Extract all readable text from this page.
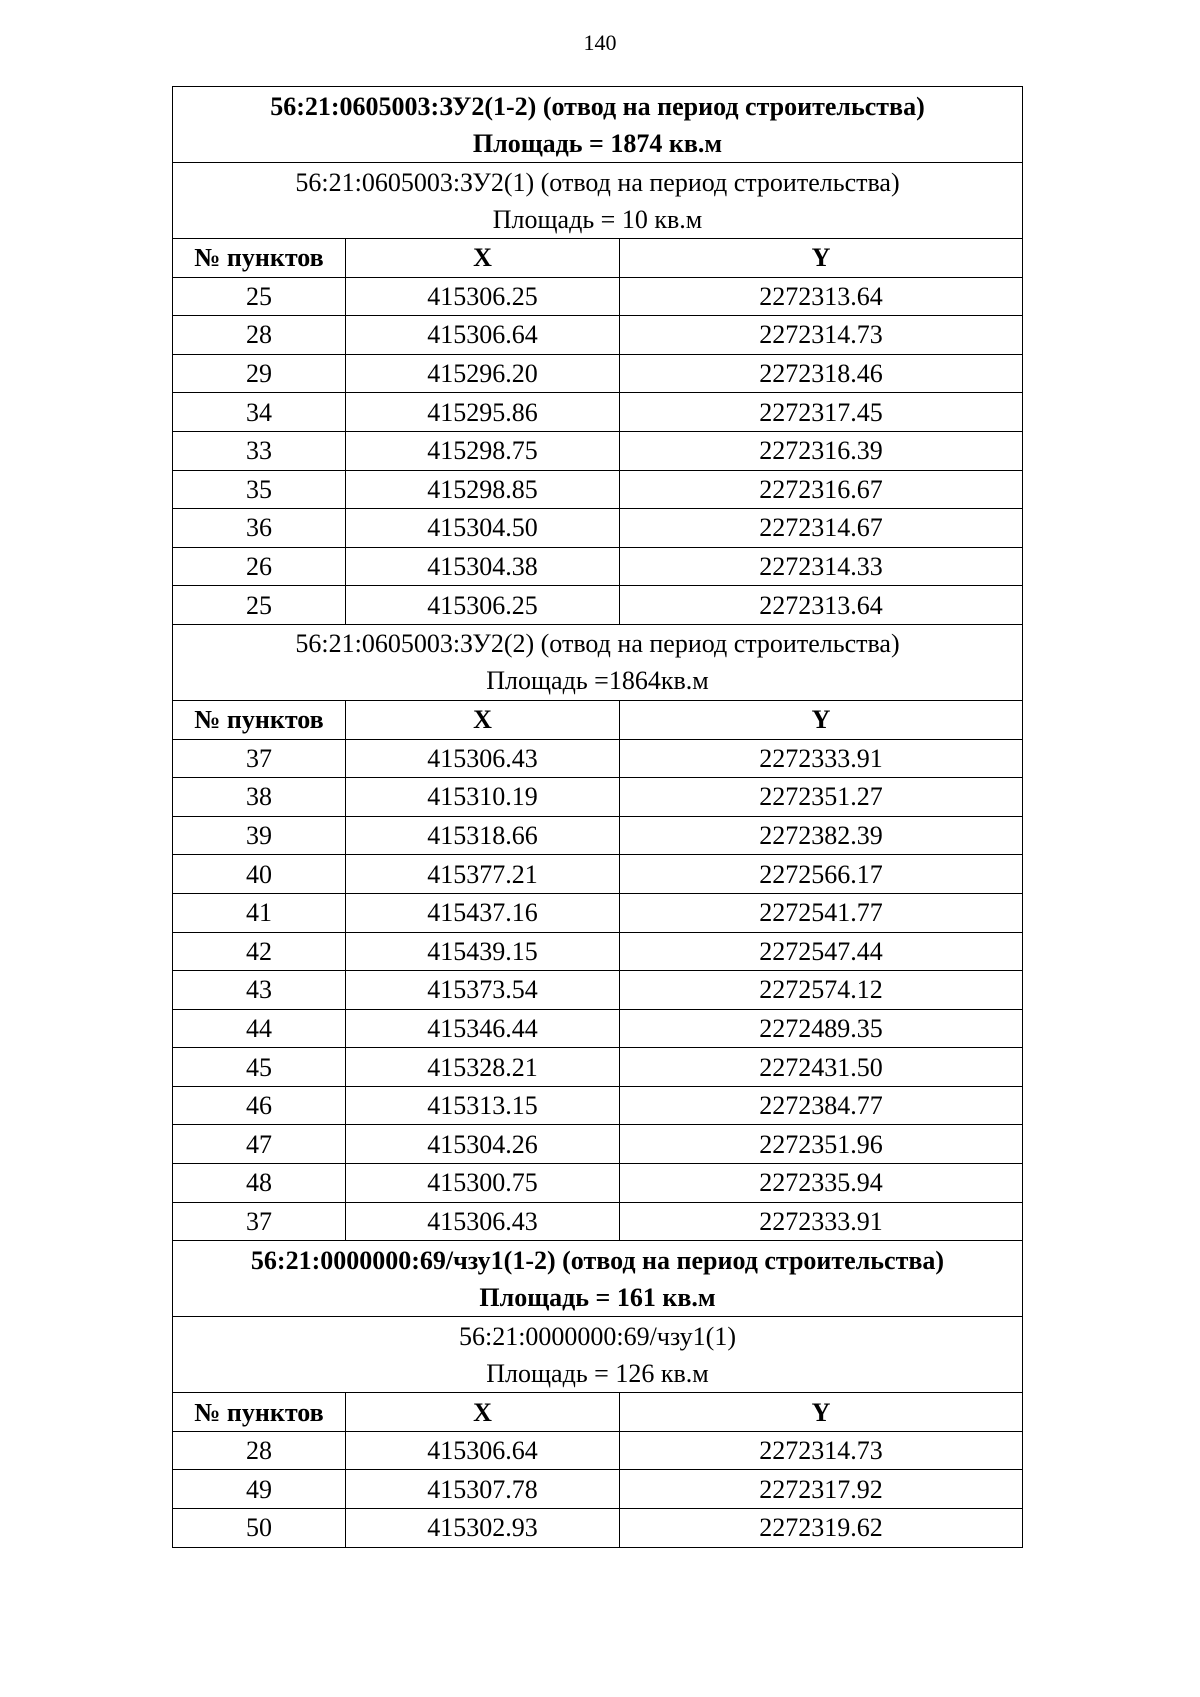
140
56:21:0605003:ЗУ2(1-2) (отвод на период строительства)
Площадь = 1874 кв.м		

56:21:0605003:ЗУ2(1) (отвод на период строительства)
Площадь = 10 кв.м		

№ пунктов	X	Y
25	415306.25	2272313.64
28	415306.64	2272314.73
29	415296.20	2272318.46
34	415295.86	2272317.45
33	415298.75	2272316.39
35	415298.85	2272316.67
36	415304.50	2272314.67
26	415304.38	2272314.33
25	415306.25	2272313.64

56:21:0605003:ЗУ2(2) (отвод на период строительства)
Площадь =1864кв.м		

№ пунктов	X	Y
37	415306.43	2272333.91
38	415310.19	2272351.27
39	415318.66	2272382.39
40	415377.21	2272566.17
41	415437.16	2272541.77
42	415439.15	2272547.44
43	415373.54	2272574.12
44	415346.44	2272489.35
45	415328.21	2272431.50
46	415313.15	2272384.77
47	415304.26	2272351.96
48	415300.75	2272335.94
37	415306.43	2272333.91

56:21:0000000:69/чзу1(1-2) (отвод на период строительства)
Площадь = 161 кв.м		

56:21:0000000:69/чзу1(1)
Площадь = 126 кв.м		

№ пунктов	X	Y
28	415306.64	2272314.73
49	415307.78	2272317.92
50	415302.93	2272319.62
